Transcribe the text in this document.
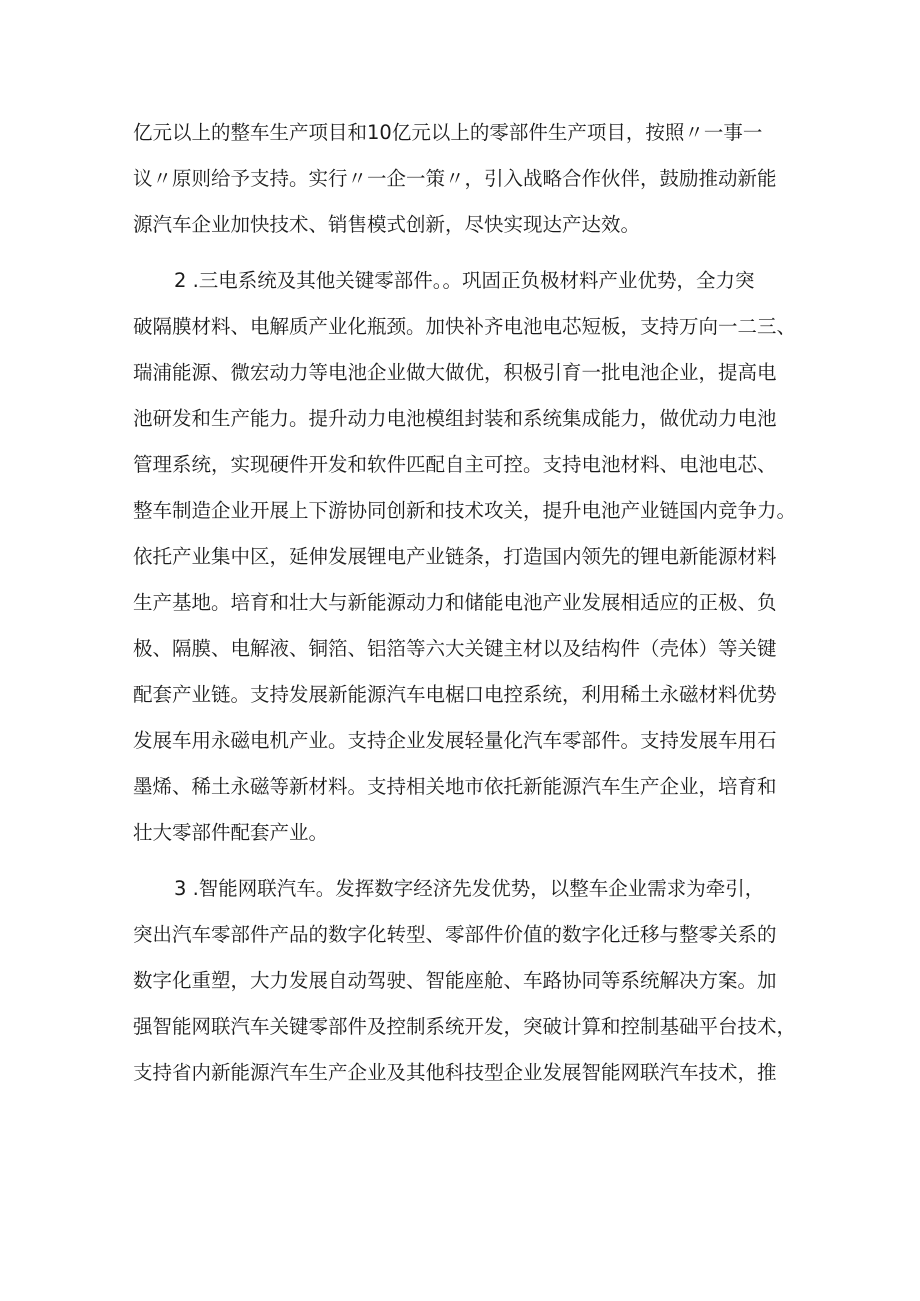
亿元以上的整车生产项目和10亿元以上的零部件生产项目，按照〃一事一
议〃原则给予支持。实行〃一企一策〃，引入战略合作伙伴，鼓励推动新能
源汽车企业加快技术、销售模式创新，尽快实现达产达效。
2 .三电系统及其他关键零部件。。巩固正负极材料产业优势，全力突
破隔膜材料、电解质产业化瓶颈。加快补齐电池电芯短板，支持万向一二三、
瑞浦能源、微宏动力等电池企业做大做优，积极引育一批电池企业，提高电
池研发和生产能力。提升动力电池模组封装和系统集成能力，做优动力电池
管理系统，实现硬件开发和软件匹配自主可控。支持电池材料、电池电芯、
整车制造企业开展上下游协同创新和技术攻关，提升电池产业链国内竞争力。
依托产业集中区，延伸发展锂电产业链条，打造国内领先的锂电新能源材料
生产基地。培育和壮大与新能源动力和储能电池产业发展相适应的正极、负
极、隔膜、电解液、铜箔、铝箔等六大关键主材以及结构件（壳体）等关键
配套产业链。支持发展新能源汽车电椐口电控系统，利用稀土永磁材料优势
发展车用永磁电机产业。支持企业发展轻量化汽车零部件。支持发展车用石
墨烯、稀土永磁等新材料。支持相关地市依托新能源汽车生产企业，培育和
壮大零部件配套产业。
3 .智能网联汽车。发挥数字经济先发优势，以整车企业需求为牵引，
突出汽车零部件产品的数字化转型、零部件价值的数字化迁移与整零关系的
数字化重塑，大力发展自动驾驶、智能座舱、车路协同等系统解决方案。加
强智能网联汽车关键零部件及控制系统开发，突破计算和控制基础平台技术，
支持省内新能源汽车生产企业及其他科技型企业发展智能网联汽车技术，推
